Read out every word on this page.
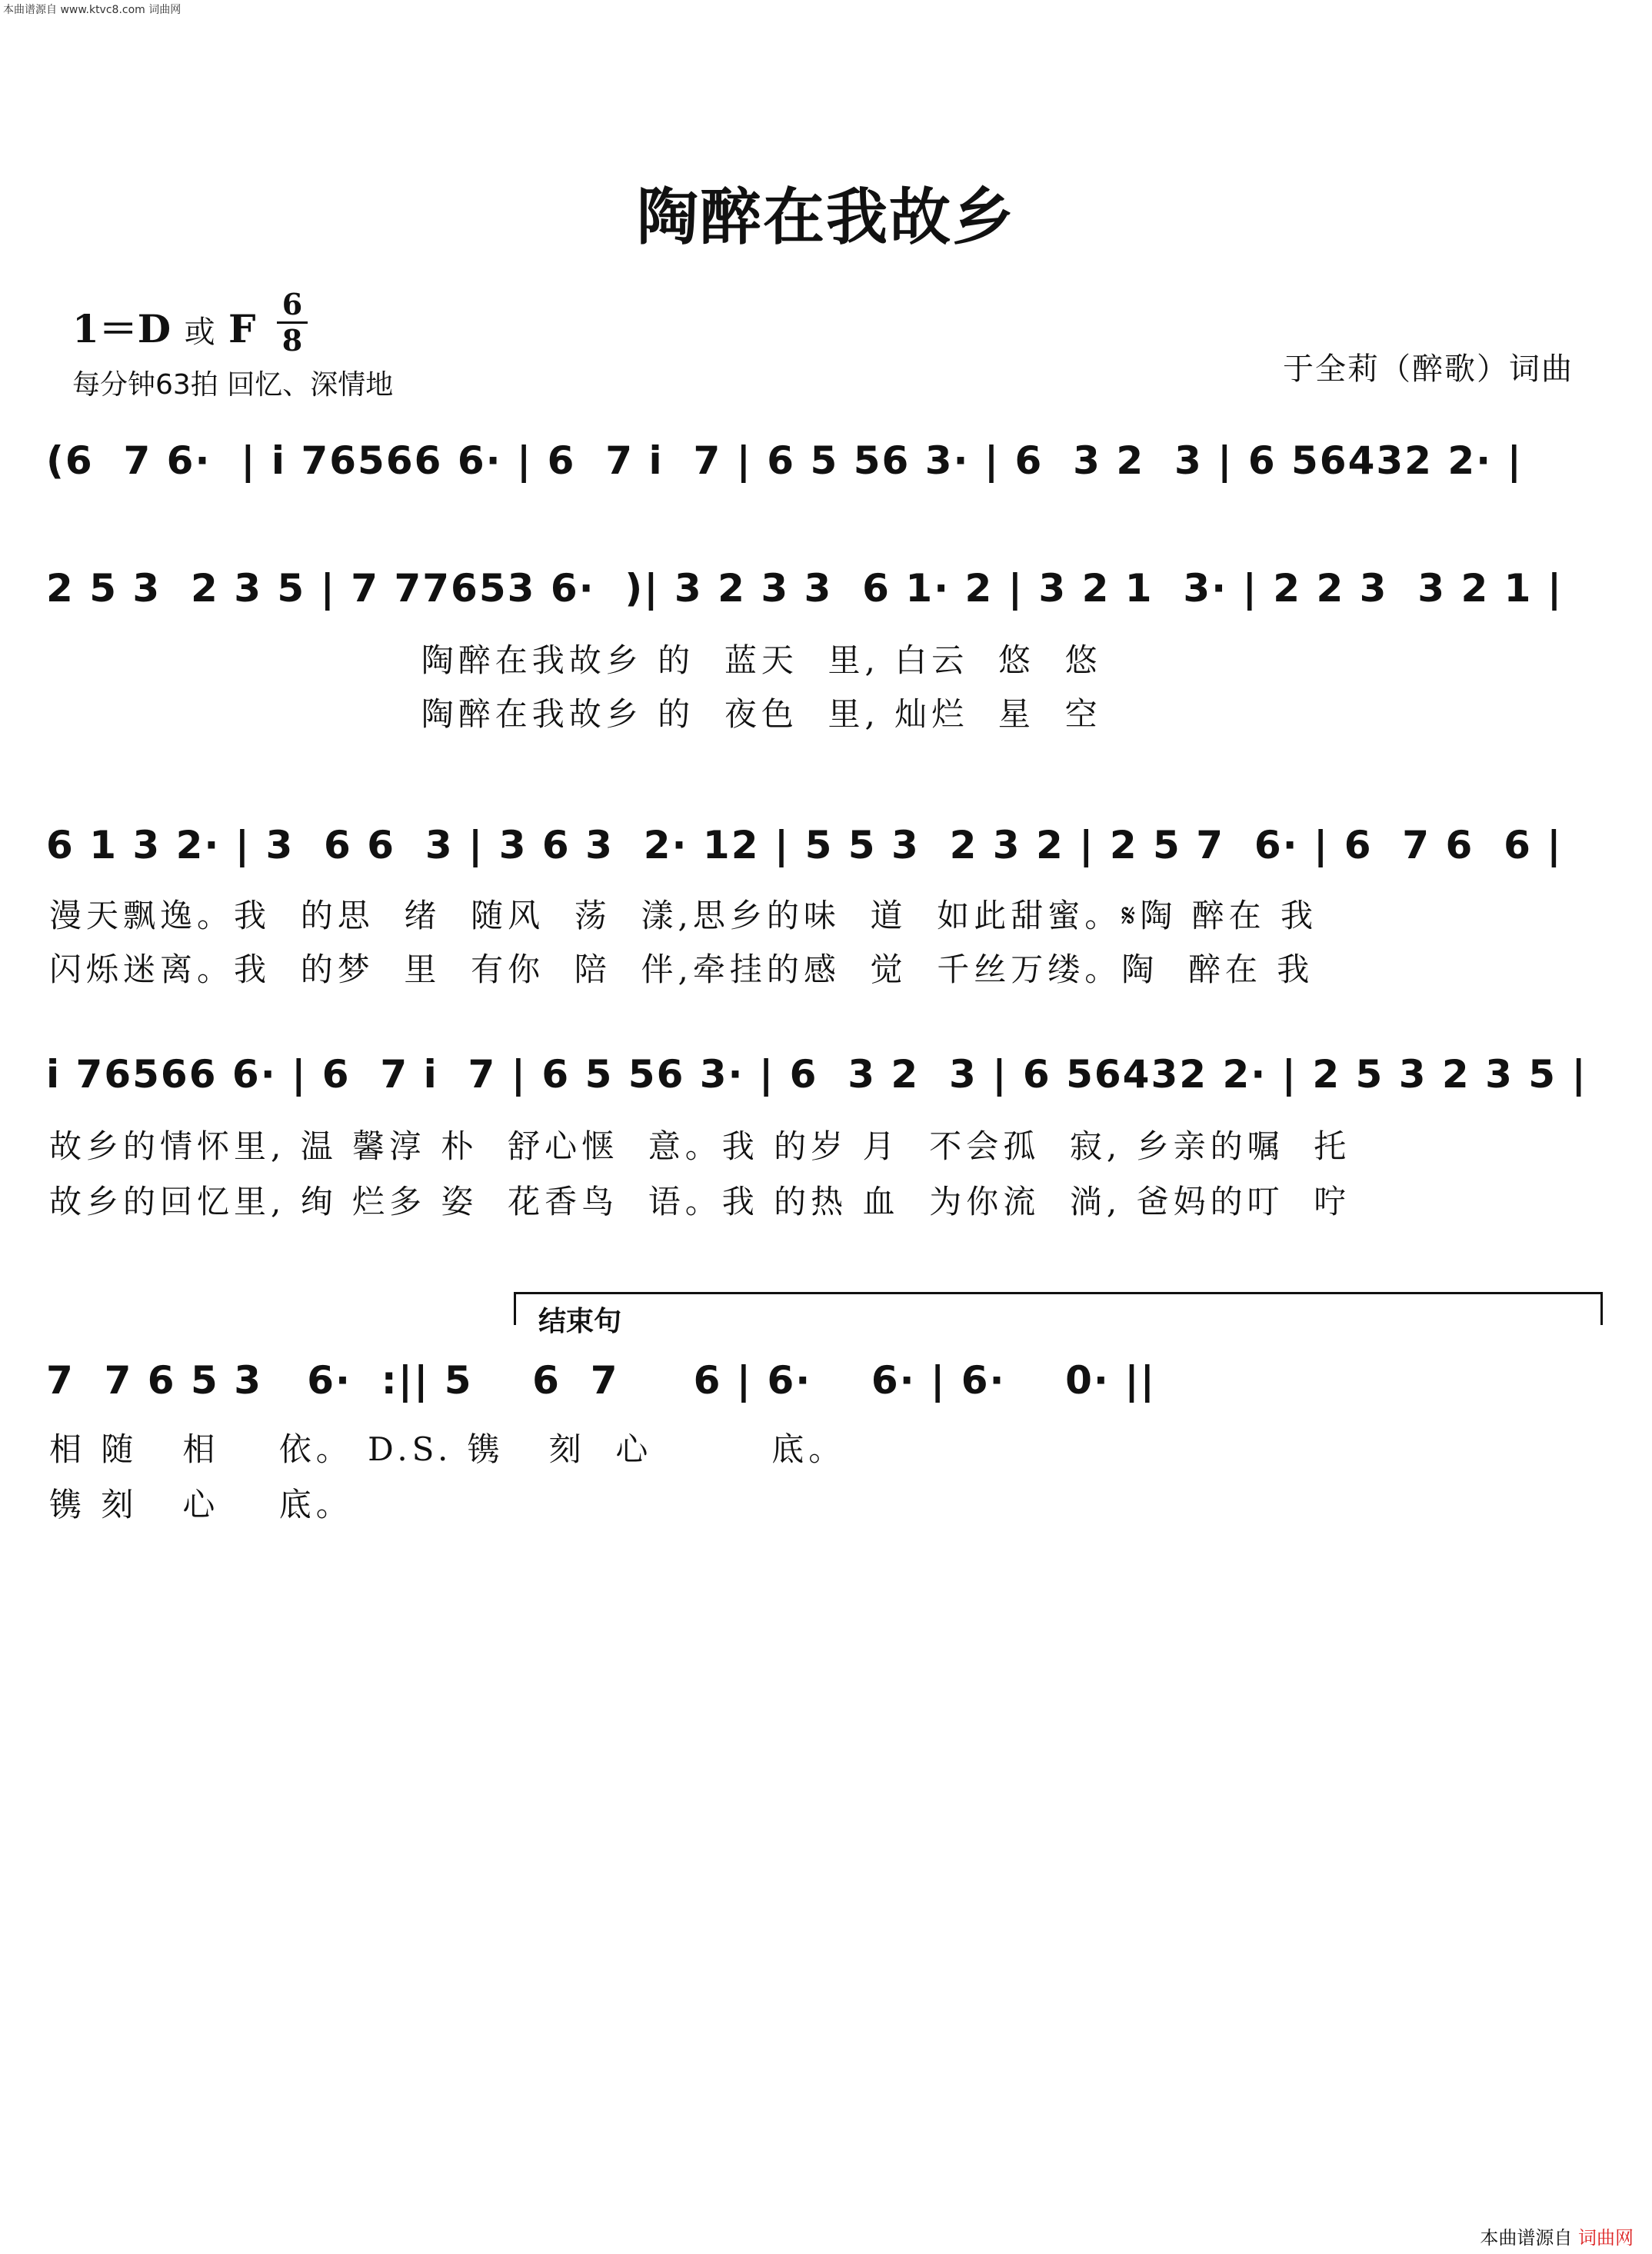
本曲谱源自 www.ktvc8.com 词曲网
陶醉在我故乡
1＝D 或 F
6
8
每分钟63拍 回忆、深情地	于全莉（醉歌）词曲
(6  7 6·  | i 76566 6· | 6  7 i  7 | 6 5 56 3· | 6  3 2  3 | 6 56432 2· |
2 5 3  2 3 5 | 7 77653 6·  )| 3 2 3 3  6 1· 2 | 3 2 1  3· | 2 2 3  3 2 1 |
陶醉在我故乡 的  蓝天  里, 白云  悠  悠
陶醉在我故乡 的  夜色  里, 灿烂  星  空
6 1 3 2· | 3  6 6  3 | 3 6 3  2· 12 | 5 5 3  2 3 2 | 2 5 7  6· | 6  7 6  6 |
漫天飘逸。我  的思  绪  随风  荡  漾,思乡的味  道  如此甜蜜。𝄋陶 醉在 我
闪烁迷离。我  的梦  里  有你  陪  伴,牵挂的感  觉  千丝万缕。陶  醉在 我
i 76566 6· | 6  7 i  7 | 6 5 56 3· | 6  3 2  3 | 6 56432 2· | 2 5 3 2 3 5 |
故乡的情怀里, 温 馨淳 朴  舒心惬  意。我 的岁 月  不会孤  寂, 乡亲的嘱  托
故乡的回忆里, 绚 烂多 姿  花香鸟  语。我 的热 血  为你流  淌, 爸妈的叮  咛
结束句
7  7 6 5 3   6·  :|| 5    6  7     6 | 6·    6· | 6·    0· ||
相 随   相    依。 D.S. 镌   刻  心        底。
镌 刻   心    底。
本曲谱源自 词曲网
